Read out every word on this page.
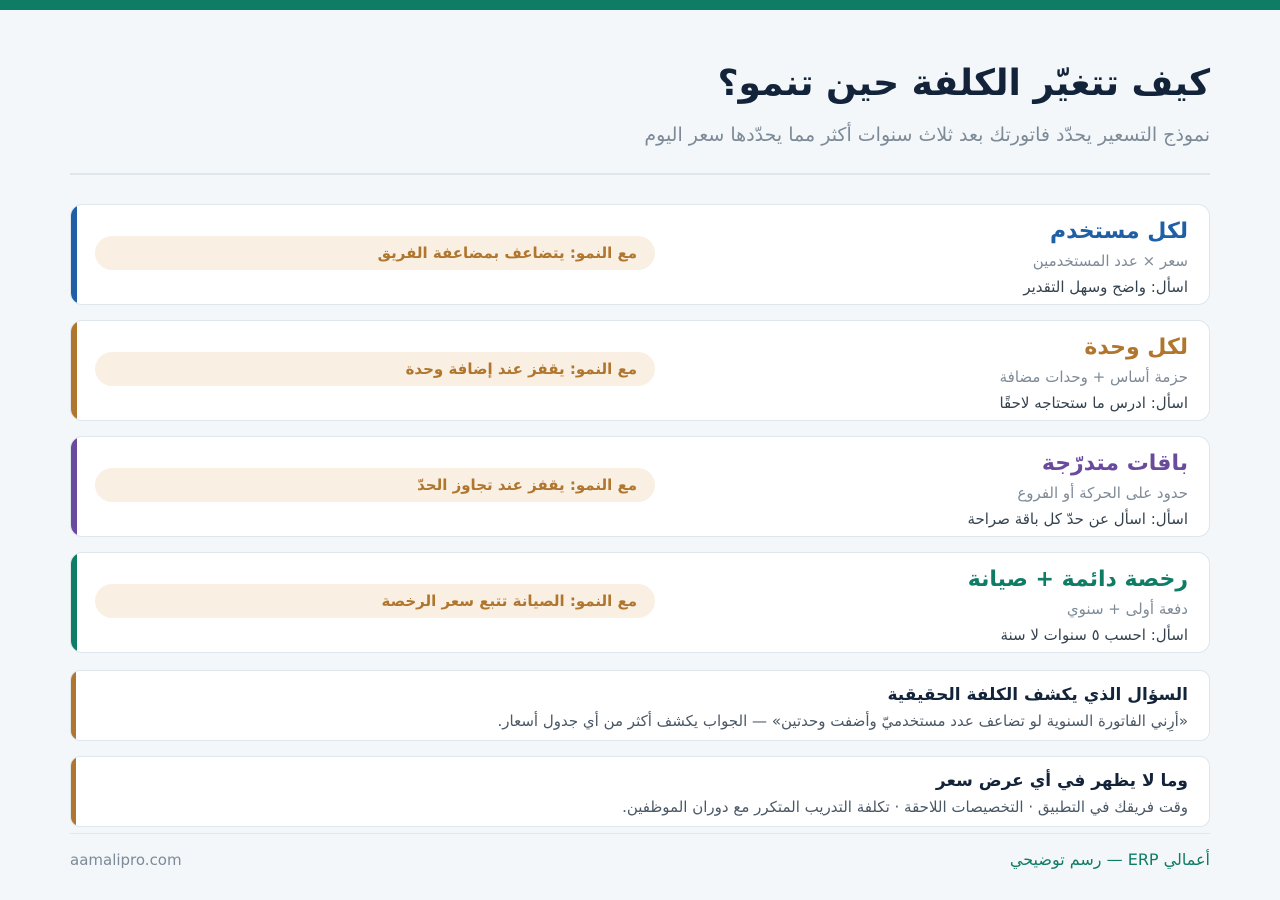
كيف تتغيّر الكلفة حين تنمو؟

نموذج التسعير يحدّد فاتورتك بعد ثلاث سنوات أكثر مما يحدّدها سعر اليوم

لكل مستخدم
سعر × عدد المستخدمين
اسأل: واضح وسهل التقدير
مع النمو: يتضاعف بمضاعفة الفريق
لكل وحدة
حزمة أساس + وحدات مضافة
اسأل: ادرس ما ستحتاجه لاحقًا
مع النمو: يقفز عند إضافة وحدة
باقات متدرّجة
حدود على الحركة أو الفروع
اسأل: اسأل عن حدّ كل باقة صراحة
مع النمو: يقفز عند تجاوز الحدّ
رخصة دائمة + صيانة
دفعة أولى + سنوي
اسأل: احسب ٥ سنوات لا سنة
مع النمو: الصيانة تتبع سعر الرخصة
السؤال الذي يكشف الكلفة الحقيقية
«أرِني الفاتورة السنوية لو تضاعف عدد مستخدميّ وأضفت وحدتين» — الجواب يكشف أكثر من أي جدول أسعار.
وما لا يظهر في أي عرض سعر
وقت فريقك في التطبيق · التخصيصات اللاحقة · تكلفة التدريب المتكرر مع دوران الموظفين.
أعمالي ERP — رسم توضيحي
aamalipro.com
